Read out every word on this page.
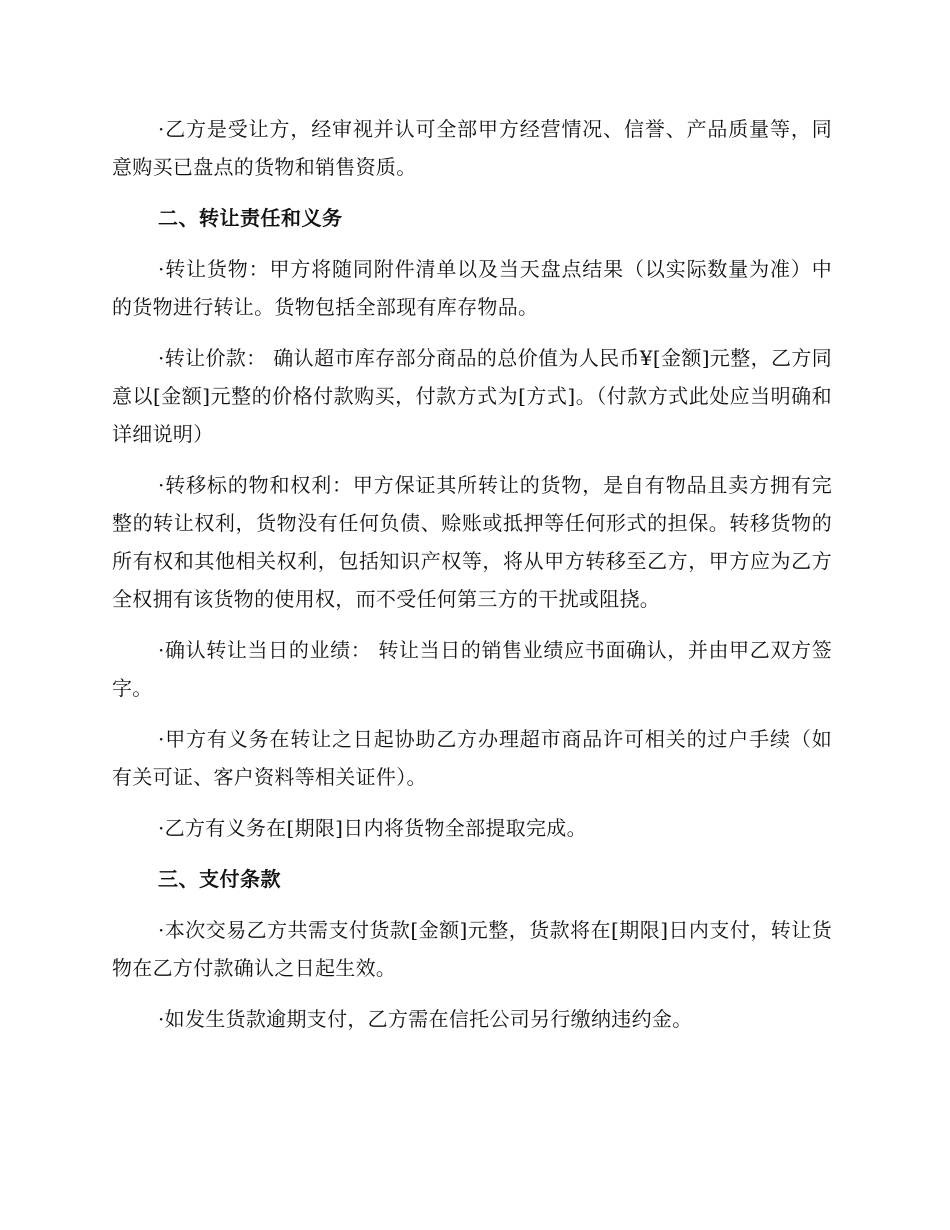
·乙方是受让方，经审视并认可全部甲方经营情况、信誉、产品质量等，同意购买已盘点的货物和销售资质。

二、转让责任和义务

·转让货物：甲方将随同附件清单以及当天盘点结果（以实际数量为准）中的货物进行转让。货物包括全部现有库存物品。

·转让价款： 确认超市库存部分商品的总价值为人民币¥[金额]元整，乙方同意以[金额]元整的价格付款购买，付款方式为[方式]。（付款方式此处应当明确和详细说明）

·转移标的物和权利：甲方保证其所转让的货物，是自有物品且卖方拥有完整的转让权利，货物没有任何负债、赊账或抵押等任何形式的担保。转移货物的所有权和其他相关权利，包括知识产权等，将从甲方转移至乙方，甲方应为乙方全权拥有该货物的使用权，而不受任何第三方的干扰或阻挠。

·确认转让当日的业绩： 转让当日的销售业绩应书面确认，并由甲乙双方签字。

·甲方有义务在转让之日起协助乙方办理超市商品许可相关的过户手续（如有关可证、客户资料等相关证件）。

·乙方有义务在[期限]日内将货物全部提取完成。

三、支付条款

·本次交易乙方共需支付货款[金额]元整，货款将在[期限]日内支付，转让货物在乙方付款确认之日起生效。

·如发生货款逾期支付，乙方需在信托公司另行缴纳违约金。
